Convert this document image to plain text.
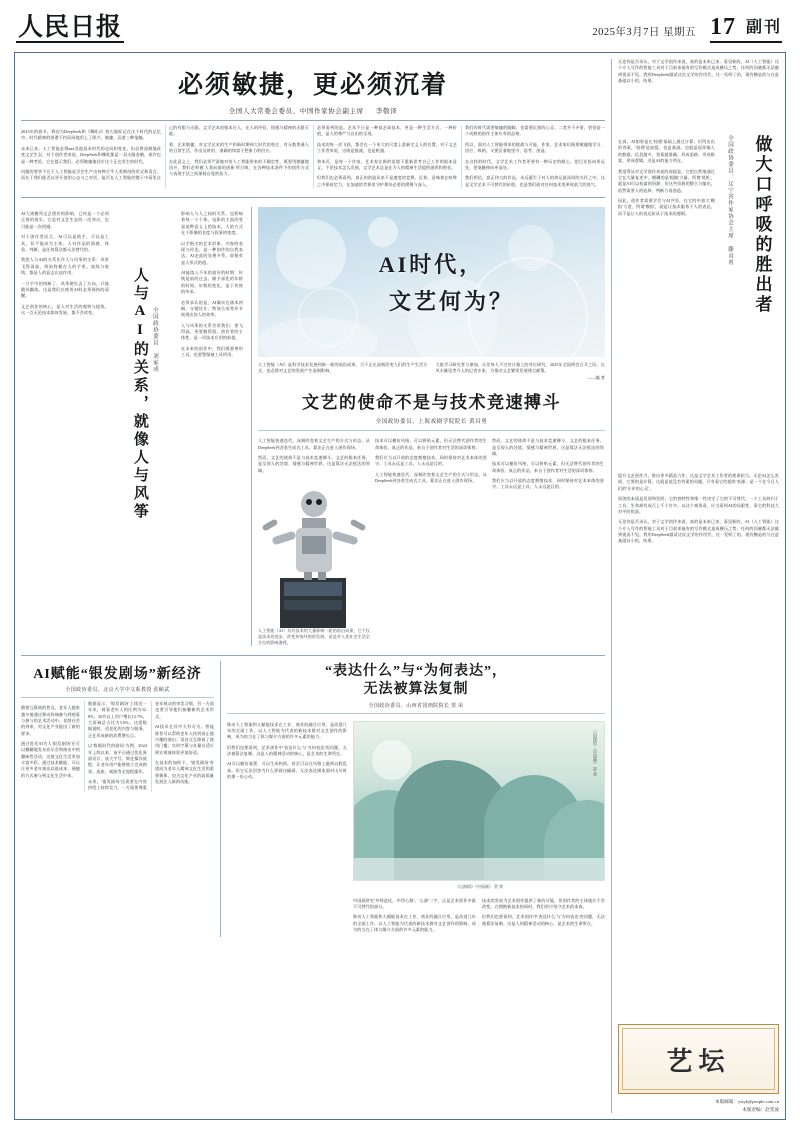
人民日报	2025年3月7日 星期五 17 副刊
必须敏捷，更必须沉着
全国人大常委会委员、中国作家协会副主席 李敬泽

2025年的春节，将因为DeepSeek和《哪吒2》持久地标记在这个时代的记忆中。时代精神的图谱不约而同地用上了即兴、敏捷、沉着三种笔触。

未来已来。人工智能必将как其他技术时代的走向和变化，但必将深刻地改变文艺生态，对于创作者来说，DeepSeek和哪吒都是一双火眼金睛，或许也是一种考验，它在提示我们，必须敏捷地回应这个正在发生的时代。

问题的要害不在于人工智能是否会生产出何种合乎人类期待的形式和语言，而在于我们能否以更开放的心态与之对话，能否在人工智能的镜子中看见自己的有限与无限。文学艺术的根本在人，在人的经验、情感与精神的无限可能。

着、艺术敏捷，对文学艺术的生产和新时期伟大时代的变迁、对无数普通人的日常生活，作出及时的、准确的和富于想象力的回应。

在此意义上，我们必须严肃地对待人工智能带来的不确定性，既要用敏捷地回应，我们必须被'人类向前的创新'所召唤，在各种技术条件下的创作方式与表现手法之间保持自觉的张力。

必须看到的是，艺术不只是一种技艺或技术，更是一种生活方式、一种价值，是人的尊严与自由的呈现。

技术的每一次飞跃，都会在一个更大的尺度上重新定义人的位置。对于文艺工作者来说，这既是挑战，也是机遇。

和本页，是每一个作家、艺术家在新的语境下重新思考自己工作的根本意义。不论技术怎么发展，文学艺术总是在为人的精神生活提供滋养和照亮。

但我们也必须看到，真正的创造从来不是速度的竞赛。沉着，意味着在喧哗之中保持定力，在加速的世界里守护那份必要的缓慢与深入。

我们的时代需要敏捷的眼睛，也需要沉着的心灵。二者并不矛盾，恰恰是一个成熟的创作主体应有的品格。

所以，面对人工智能带来的挑战与可能，作家、艺术家们既要敏捷地学习、回应、吸纳，又要沉着地坚守、思考、创造。

在这样的时代，文学艺术工作者更要有一种历史的耐心，把目光投向更远处，把笔触伸向更深处。

我们相信，真正伟大的作品，永远诞生于对人的命运最深切的关怀之中。这是文学艺术不可替代的价值，也是我们面对任何技术变革时最大的底气。

AI大规模列文艺创作的影响，已经是一个必须正视的现实。它是对文艺生态的一次冲击，也可能是一次机遇。

对于创作者而言，AI可以是助手，可以是工具，但不能成为主体。人对作品的情感、体验、判断，是任何算法都无法替代的。

我把人与AI的关系比作人与风筝的关系：风筝飞得再高，线始终握在人的手里。放线与收线，都是人的意志在起作用。

一旦手中的线断了，风筝便失去了方向，只能随风飘落。这是我们在使用AI时必须保持的清醒。

文艺创作的核心，是人对生活的观察与提炼。这一点无论技术如何发展，都不会改变。	人与AI的关系，就像人与风筝 全国政协委员 刘家成

影响人与人之间的关系，也影响着每一个个体。电影的主流改变是某种意义上的技术，人的方式在于影像的长度与叙事的密度。

以手指尖的艺术形象、内容的表现与传达，是一种创作的自我表达，AI走此的处理多系，即使有是人形式的道。

AI能落入千年的最好的时期：传统是前的过去。赋予深化的年龄的时间，年数的变化，是于传统的传承。

必须承认的是，AI确实在剧本初稿、分镜设计、特效合成等环节展现出惊人的效率。

人与风筝的关系告诉我们：要飞得高，更要握得稳。创作者的主体性，是一切技术应用的前提。

在未来的创作中，我们既要善用工具，也要警惕被工具所用。

AI时代，
文艺何为？
人工智能（AI）是科学技术发展到新一轮的前沿成果，当下正在深刻改变人们的生产生活方式，也必将对文艺的发展产生深刻影响。
大批学习研究者与参加，让任何人不过对计量上的对位研究，2025年全国两会召开之际，长风水量论者介入的记者专家，为推动文艺繁荣发展建言献策。
——编 者
文艺的使命不是与技术竞速搏斗
全国政协委员、上海戏剧学院院长 黄昌勇

人工智能快速迭代，深刻改变着文艺生产的方式与形态。从DeepSeek到各类生成式工具，算法正在进入创作现场。

然而，文艺的使命不是与技术竞速搏斗。文艺的根本任务，是呈现人的处境、情感与精神世界，这是算法无法抵达的领域。

人工智能（AI）具有技术的大量影响一轮的前沿成果，它不仅是技术的进步，改变传统经的的发展，而是对人类社会生活全方位的影响渗透。

技术可以模仿风格，可以拼贴元素，但无法替代创作者的生命体验。真正的作品，来自于创作者对生活的深切体察。

我们应当以开放的态度拥抱技术，同时保持对艺术本体的坚守。工具永远是工具，人永远是目的。

人工智能快速迭代，深刻改变着文艺生产的方式与形态。从DeepSeek到各类生成式工具，算法正在进入创作现场。

然而，文艺的使命不是与技术竞速搏斗。文艺的根本任务，是呈现人的处境、情感与精神世界，这是算法无法抵达的领域。

技术可以模仿风格，可以拼贴元素，但无法替代创作者的生命体验。真正的作品，来自于创作者对生活的深切体察。

我们应当以开放的态度拥抱技术，同时保持对艺术本体的坚守。工具永远是工具，人永远是目的。

AI赋能“银发剧场”新经济
全国政协委员、北京大学中文系教授 张颐武

随着互联网的普及，老年人越来越多地通过移动终端参与到观看与参与的艺术活动中。老龄社会的到来，对文化产业提出了新的要求。

通过优化AI为人'银发剧场'还可以模糊地发布音乐会和演出中的趣味性活动，这使文化生活更加丰富多彩。通过技术赋能，可以让更多老年观众以低成本、便捷的方式参与到文化生活中来。

数据显示，'银发剧场'上线近一年来，观看老年人的比例为32.8%，30岁以上用户增长12.7%，大屏端总占比为5.6%。这组数据说明，适老化的内容与服务，正在形成新的消费增长点。

以'数据时代的剧场'为例，2024年上线以来，该平台通过优化界面设计、放大字号、简化操作流程，让老年用户能够独立完成购票、选座、观演等全流程操作。

未来，'银发剧场'还需要在内容供给上持续发力。一方面要尊重老年观众的审美习惯，另一方面也要引导他们接触新的艺术形式。

AI技术在其中大有可为。智能推荐可以帮助老年人找到真正感兴趣的演出；语音交互降低了使用门槛；实时字幕与音量自适应则让观演体验更加舒适。

在技术的加持下，'银发剧场'有望成为老年人精神文化生活的重要载体，也为文化产业的高质量发展注入新的动能。

“表达什么”与“为何表达”，
无法被算法复制
全国政协委员、山西省国画院院长 贺 荣

推动人工智能和人赋能技术在工业、商业的融合应用，是改进几年的全面工作，以人工智能为代表的新技术群对文艺创作的影响，成为的当在了体与媒介方面的许多元素的能力。

但我们也要看到，艺术创作中'表达什么'与'为何表达'的问题，无法被算法复制。这是人的精神活动的核心，是艺术的生命所在。

AI可以模仿笔墨、可以生成构图，甚至可以在风格上做到以假乱真。但它无法回答为什么要画这幅画，无法表达画家面对山川时的那一份心动。

《山海情》（中国画） 贺 荣
《山海情》（中国画） 贺 荣

中国画讲究'外师造化，中得心源'。'心源'二字，正是艺术创作中最不可替代的部分。

推动人工智能和人赋能技术在工业、商业的融合应用，是改进几年的全面工作，以人工智能为代表的新技术群对文艺创作的影响，成为的当在了体与媒介方面的许多元素的能力。

技术的发展为艺术创作提供了新的可能，但创作者的主体地位不会改变。在拥抱新技术的同时，我们更应坚守艺术的本真。

但我们也要看到，艺术创作中'表达什么'与'为何表达'的问题，无法被算法复制。这是人的精神活动的核心，是艺术的生命所在。

无论你是否承认，对于文学创作来说，真的是未来已来。看见新的，AI（人工智能）这个介入写作的智能工具对于目前来能有的写作模式造成横压之势，任何的回避都无法做到视而不见。我用DeepSeek做试这次文学的作用代，这一发明了的，现有横是的与在意基础以小的，结果。

在真，AI如果是在'较理'基础上通过计算、识得出出的答案，'较理'是前提，也是基础。也就是说你输入的数据、信息越多，答案越准确。形成思路、形成框架、形成逻辑，这是AI的能力所在。

我觉得从对文学创作来说的前提是，它把自然地通过它在大量复述中，模糊的是'粗糙'力量、所谓'规机'，就是AI可以检索的资源，但这些资源的整合与输出，依然需要人的选择、判断与再创造。

因此，创作者需要学会与AI共处，在它的中加大'模拟'力度、所谓'模拟'，就是让技术服务于人的表达，而不是让人的表达屈从于技术的逻辑。	全国政协委员、辽宁省作家协会主席 滕贞甫 做大口呼吸的胜出者

提升文艺创作力，推出更多精品力作，这是文学艺术工作者的使命担当。无论AI怎么发展，它要的是计算，这就是说没有答案的问题，只有看它的提供'来源。是一个在今日人们的'专业的心灵'。

原创的本质是发现和发明，它的独特性和唯一性决定了它的不可替代。一个工具终归于工具，生命却有成百上千个许多，以这个观角看，应当看到AI的局限性，看它的科技大对平的优质。

无论你是否承认，对于文学创作来说，真的是未来已来。看见新的，AI（人工智能）这个介入写作的智能工具对于目前来能有的写作模式造成横压之势，任何的回避都无法做到视而不见。我用DeepSeek做试这次文学的作用代，这一发明了的，现有横是的与在意基础以小的，结果。

艺坛
本版邮箱：ystyk@people.com.cn
本版责编：赵雯波
